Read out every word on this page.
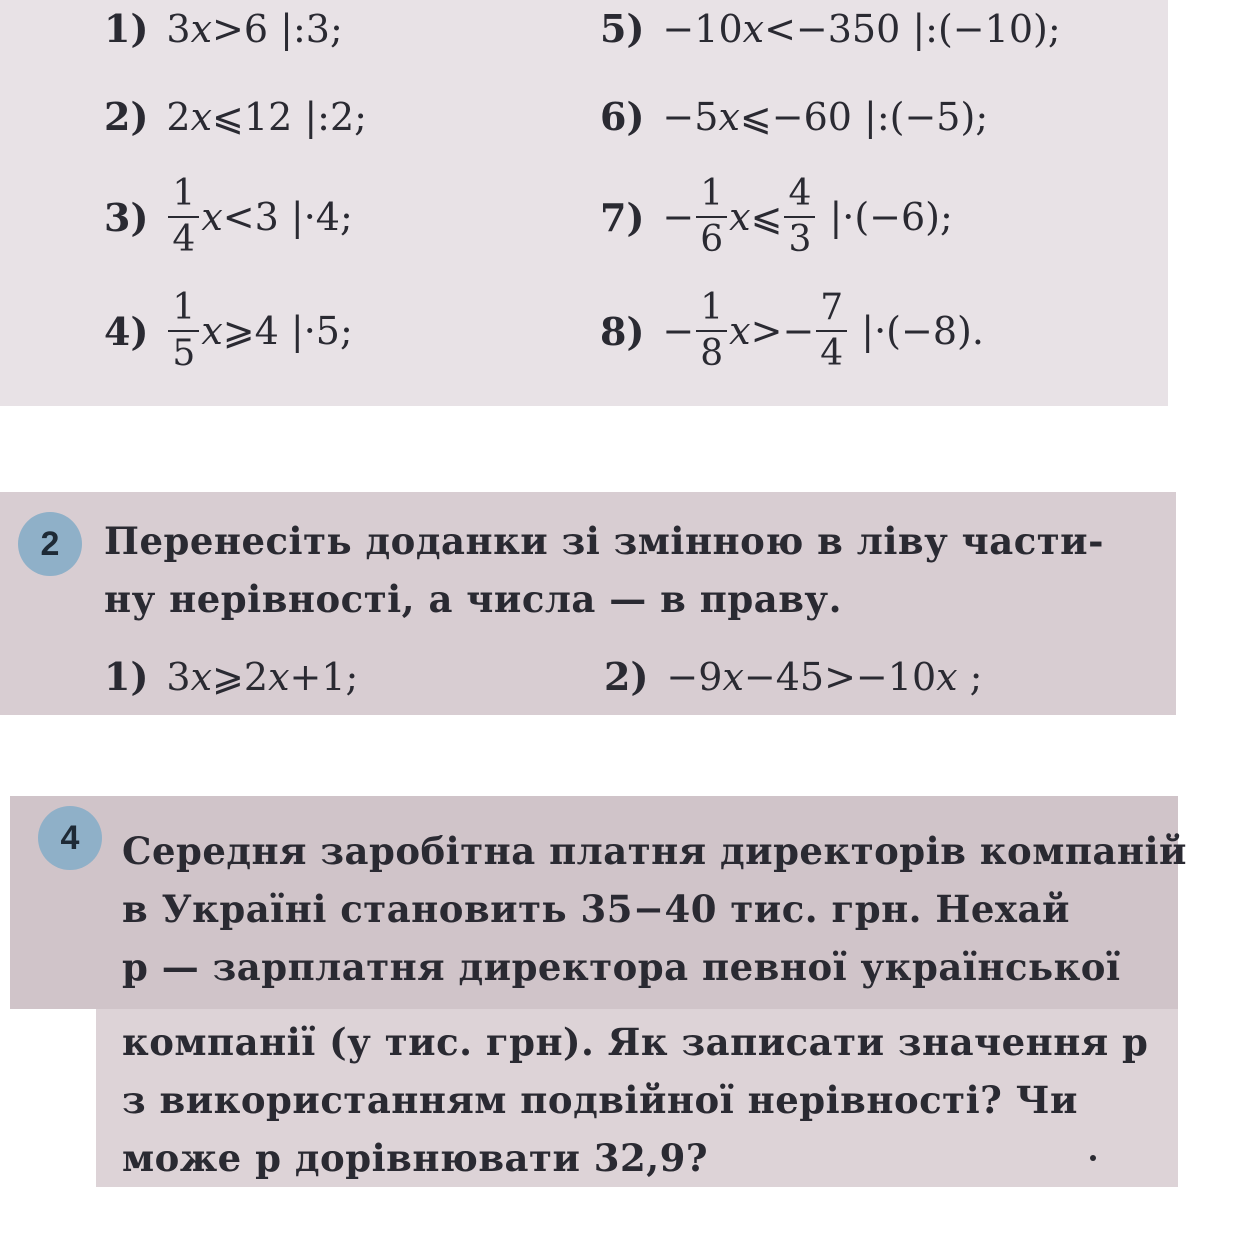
1) 3 x >6
|:3 ;
2) 2 x ⩽12
|:2 ;
$3) \frac{1}{4}$ x <3
|·4 ;
$4) \frac{1}{5}$ x ⩾4
|·5 ;
5) −10 x <−350
|:(−10) ;
6) −5 x ⩽−60
|:(−5) ;
$7) - \frac{1}{6}$ x ⩽ $\frac{4}{3}$
|·(−6) ;
$8) - \frac{1}{8}$ $x >- \frac{7}{4}$
|·(−8) .
2	Перенесіть доданки зі змінною в ліву части-
ну нерівності, а числа — в праву.
1) 3 x ⩾2 x +1 ;	2) −9 x −45>−10 x
;
4	Середня заробітна платня директорів компаній
в Україні становить 35−40 тис. грн. Нехай
p — зарплатня директора певної української
компанії (у тис. грн). Як записати значення p
з використанням подвійної нерівності? Чи
може p дорівнювати 32,9?
